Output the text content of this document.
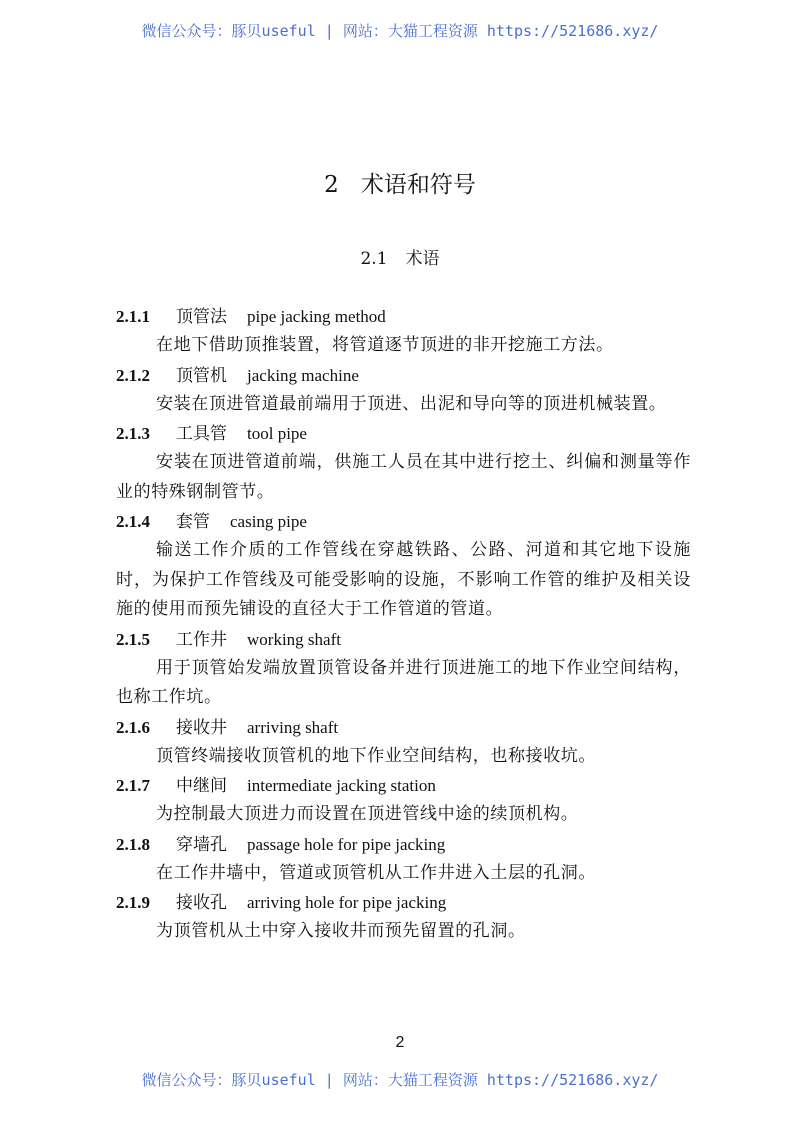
微信公众号：豚贝useful | 网站：大猫工程资源 https://521686.xyz/
2 术语和符号
2.1 术语
2.1.1 顶管法 pipe jacking method
在地下借助顶推装置，将管道逐节顶进的非开挖施工方法。
2.1.2 顶管机 jacking machine
安装在顶进管道最前端用于顶进、出泥和导向等的顶进机械装置。
2.1.3 工具管 tool pipe
安装在顶进管道前端，供施工人员在其中进行挖土、纠偏和测量等作业的特殊钢制管节。
2.1.4 套管 casing pipe
输送工作介质的工作管线在穿越铁路、公路、河道和其它地下设施时，为保护工作管线及可能受影响的设施，不影响工作管的维护及相关设施的使用而预先铺设的直径大于工作管道的管道。
2.1.5 工作井 working shaft
用于顶管始发端放置顶管设备并进行顶进施工的地下作业空间结构，也称工作坑。
2.1.6 接收井 arriving shaft
顶管终端接收顶管机的地下作业空间结构，也称接收坑。
2.1.7 中继间 intermediate jacking station
为控制最大顶进力而设置在顶进管线中途的续顶机构。
2.1.8 穿墙孔 passage hole for pipe jacking
在工作井墙中，管道或顶管机从工作井进入土层的孔洞。
2.1.9 接收孔 arriving hole for pipe jacking
为顶管机从土中穿入接收井而预先留置的孔洞。
2
微信公众号：豚贝useful | 网站：大猫工程资源 https://521686.xyz/
